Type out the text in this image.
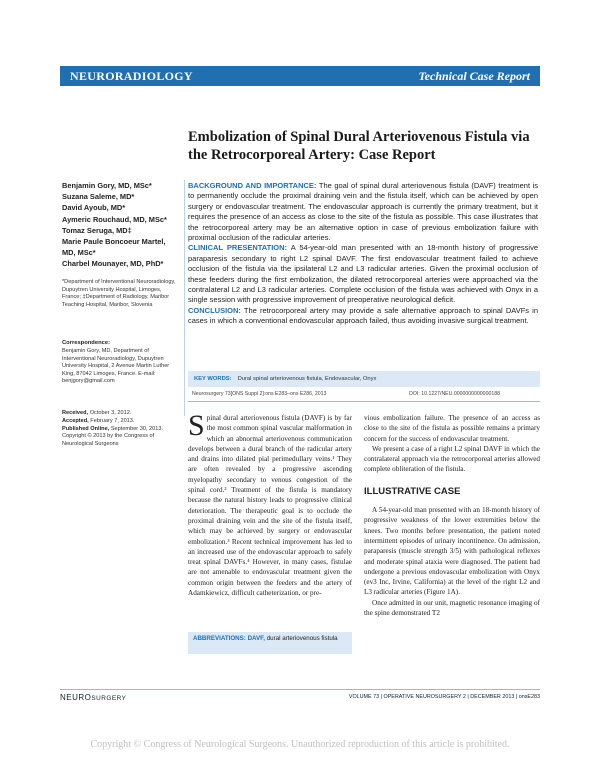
NEURORADIOLOGY	Technical Case Report
Embolization of Spinal Dural Arteriovenous Fistula via the Retrocorporeal Artery: Case Report
Benjamin Gory, MD, MSc*
Suzana Saleme, MD*
David Ayoub, MD*
Aymeric Rouchaud, MD, MSc*
Tomaz Seruga, MD‡
Marie Paule Boncoeur Martel, MD, MSc*
Charbel Mounayer, MD, PhD*
*Department of Interventional Neuroradiology, Dupuytren University Hospital, Limoges, France; ‡Department of Radiology, Maribor Teaching Hospital, Maribor, Slovenia
Correspondence:
Benjamin Gory, MD, Department of Interventional Neuroradiology, Dupuytren University Hospital, 2 Avenue Martin Luther King, 87042 Limoges, France. E-mail: benjgory@gmail.com
Received, October 3, 2012.
Accepted, February 7, 2013.
Published Online, September 30, 2013.
Copyright © 2013 by the Congress of Neurological Surgeons
BACKGROUND AND IMPORTANCE: The goal of spinal dural arteriovenous fistula (DAVF) treatment is to permanently occlude the proximal draining vein and the fistula itself, which can be achieved by open surgery or endovascular treatment. The endovascular approach is currently the primary treatment, but it requires the presence of an access as close to the site of the fistula as possible. This case illustrates that the retrocorporeal artery may be an alternative option in case of previous embolization failure with proximal occlusion of the radicular arteries.
CLINICAL PRESENTATION: A 54-year-old man presented with an 18-month history of progressive paraparesis secondary to right L2 spinal DAVF. The first endovascular treatment failed to achieve occlusion of the fistula via the ipsilateral L2 and L3 radicular arteries. Given the proximal occlusion of these feeders during the first embolization, the dilated retrocorporeal arteries were approached via the contralateral L2 and L3 radicular arteries. Complete occlusion of the fistula was achieved with Onyx in a single session with progressive improvement of preoperative neurological deficit.
CONCLUSION: The retrocorporeal artery may provide a safe alternative approach to spinal DAVFs in cases in which a conventional endovascular approach failed, thus avoiding invasive surgical treatment.
KEY WORDS: Dural spinal arteriovenous fistula, Endovascular, Onyx
Neurosurgery 73[ONS Suppl 2]:ons E283–ons E286, 2013	DOI: 10.1227/NEU.0000000000000188
Spinal dural arteriovenous fistula (DAVF) is by far the most common spinal vascular malformation in which an abnormal arteriovenous communication develops between a dural branch of the radicular artery and drains into dilated pial perimedullary veins.¹ They are often revealed by a progressive ascending myelopathy secondary to venous congestion of the spinal cord.² Treatment of the fistula is mandatory because the natural history leads to progressive clinical deterioration. The therapeutic goal is to occlude the proximal draining vein and the site of the fistula itself, which may be achieved by surgery or endovascular embolization.³ Recent technical improvement has led to an increased use of the endovascular approach to safely treat spinal DAVFs.⁴ However, in many cases, fistulae are not amenable to endovascular treatment given the common origin between the feeders and the artery of Adamkiewicz, difficult catheterization, or pre-
ABBREVIATIONS: DAVF, dural arteriovenous fistula

vious embolization failure. The presence of an access as close to the site of the fistula as possible remains a primary concern for the success of endovascular treatment.

We present a case of a right L2 spinal DAVF in which the contralateral approach via the retrocorporeal arteries allowed complete obliteration of the fistula.

ILLUSTRATIVE CASE

A 54-year-old man presented with an 18-month history of progressive weakness of the lower extremities below the knees. Two months before presentation, the patient noted intermittent episodes of urinary incontinence. On admission, paraparesis (muscle strength 3/5) with pathological reflexes and moderate spinal ataxia were diagnosed. The patient had undergone a previous endovascular embolization with Onyx (ev3 Inc, Irvine, California) at the level of the right L2 and L3 radicular arteries (Figure 1A).

Once admitted in our unit, magnetic resonance imaging of the spine demonstrated T2

NEUROSURGERY	VOLUME 73 | OPERATIVE NEUROSURGERY 2 | DECEMBER 2013 | onsE283
Copyright © Congress of Neurological Surgeons. Unauthorized reproduction of this article is prohibited.
